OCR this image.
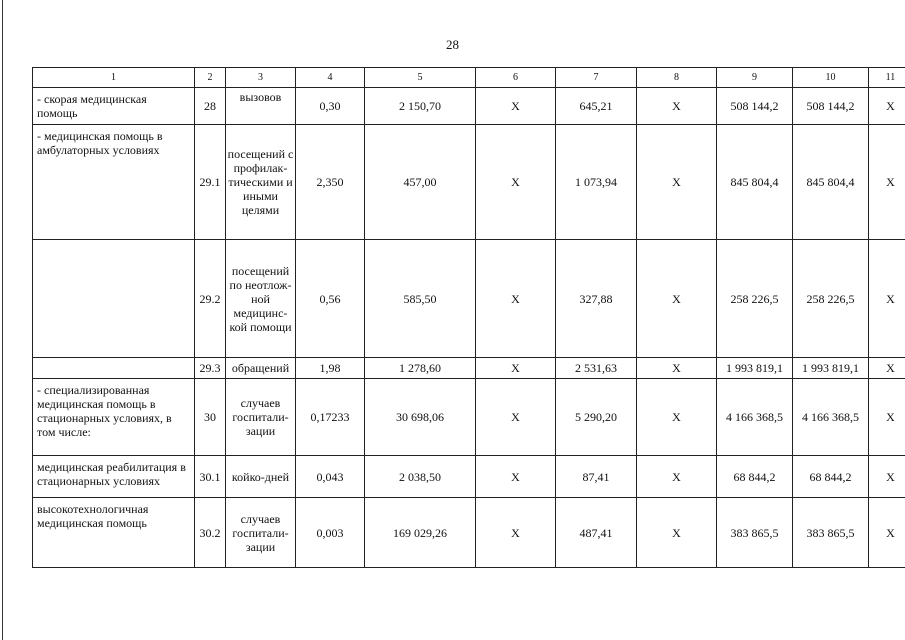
28
1	2	3	4	5	6	7	8	9	10	11
- скорая медицинская помощь	28	вызовов	0,30	2 150,70	X	645,21	X	508 144,2	508 144,2	X
- медицинская помощь в амбулаторных условиях	29.1	посещений с профилак-тическими и иными целями	2,350	457,00	X	1 073,94	X	845 804,4	845 804,4	X
	29.2	посещений по неотлож-ной медицинс-кой помощи	0,56	585,50	X	327,88	X	258 226,5	258 226,5	X
	29.3	обращений	1,98	1 278,60	X	2 531,63	X	1 993 819,1	1 993 819,1	X
- специализированная медицинская помощь в стационарных условиях, в том числе:	30	случаев госпитали-зации	0,17233	30 698,06	X	5 290,20	X	4 166 368,5	4 166 368,5	X
медицинская реабилитация в стационарных условиях	30.1	койко-дней	0,043	2 038,50	X	87,41	X	68 844,2	68 844,2	X
высокотехнологичная медицинская помощь	30.2	случаев госпитали-зации	0,003	169 029,26	X	487,41	X	383 865,5	383 865,5	X
